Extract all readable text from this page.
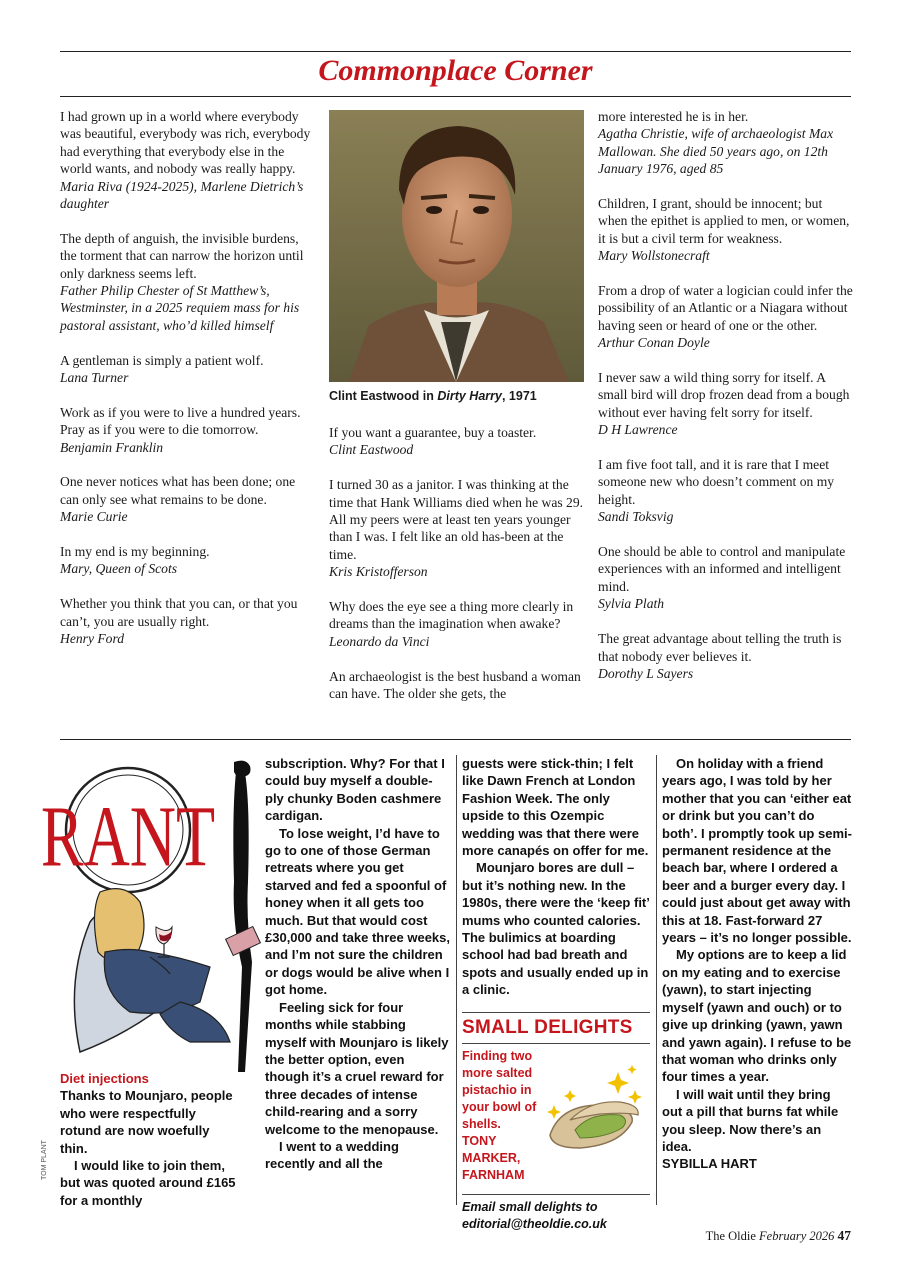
Commonplace Corner

I had grown up in a world where everybody was beautiful, everybody was rich, everybody had everything that everybody else in the world wants, and nobody was really happy.
Maria Riva (1924-2025), Marlene Dietrich’s daughter

The depth of anguish, the invisible burdens, the torment that can narrow the horizon until only darkness seems left.
Father Philip Chester of St Matthew’s, Westminster, in a 2025 requiem mass for his pastoral assistant, who’d killed himself

A gentleman is simply a patient wolf.
Lana Turner

Work as if you were to live a hundred years. Pray as if you were to die tomorrow.
Benjamin Franklin

One never notices what has been done; one can only see what remains to be done.
Marie Curie

In my end is my beginning.
Mary, Queen of Scots

Whether you think that you can, or that you can’t, you are usually right.
Henry Ford

Clint Eastwood in Dirty Harry, 1971

If you want a guarantee, buy a toaster.
Clint Eastwood

I turned 30 as a janitor. I was thinking at the time that Hank Williams died when he was 29. All my peers were at least ten years younger than I was. I felt like an old has-been at the time.
Kris Kristofferson

Why does the eye see a thing more clearly in dreams than the imagination when awake?
Leonardo da Vinci

An archaeologist is the best husband a woman can have. The older she gets, the

more interested he is in her.
Agatha Christie, wife of archaeologist Max Mallowan. She died 50 years ago, on 12th January 1976, aged 85

Children, I grant, should be innocent; but when the epithet is applied to men, or women, it is but a civil term for weakness.
Mary Wollstonecraft

From a drop of water a logician could infer the possibility of an Atlantic or a Niagara without having seen or heard of one or the other.
Arthur Conan Doyle

I never saw a wild thing sorry for itself. A small bird will drop frozen dead from a bough without ever having felt sorry for itself.
D H Lawrence

I am five foot tall, and it is rare that I meet someone new who doesn’t comment on my height.
Sandi Toksvig

One should be able to control and manipulate experiences with an informed and intelligent mind.
Sylvia Plath

The great advantage about telling the truth is that nobody ever believes it.
Dorothy L Sayers

RANT
TOM PLANT
Diet injections

Thanks to Mounjaro, people who were respectfully rotund are now woefully thin.

I would like to join them, but was quoted around £165 for a monthly

subscription. Why? For that I could buy myself a double-ply chunky Boden cashmere cardigan.

To lose weight, I’d have to go to one of those German retreats where you get starved and fed a spoonful of honey when it all gets too much. But that would cost £30,000 and take three weeks, and I’m not sure the children or dogs would be alive when I got home.

Feeling sick for four months while stabbing myself with Mounjaro is likely the better option, even though it’s a cruel reward for three decades of intense child-rearing and a sorry welcome to the menopause.

I went to a wedding recently and all the

guests were stick-thin; I felt like Dawn French at London Fashion Week. The only upside to this Ozempic wedding was that there were more canapés on offer for me.

Mounjaro bores are dull – but it’s nothing new. In the 1980s, there were the ‘keep fit’ mums who counted calories. The bulimics at boarding school had bad breath and spots and usually ended up in a clinic.

On holiday with a friend years ago, I was told by her mother that you can ‘either eat or drink but you can’t do both’. I promptly took up semi-permanent residence at the beach bar, where I ordered a beer and a burger every day. I could just about get away with this at 18. Fast-forward 27 years – it’s no longer possible.

My options are to keep a lid on my eating and to exercise (yawn), to start injecting myself (yawn and ouch) or to give up drinking (yawn, yawn and yawn again). I refuse to be that woman who drinks only four times a year.

I will wait until they bring out a pill that burns fat while you sleep. Now there’s an idea.

SYBILLA HART
SMALL DELIGHTS
Finding two more salted pistachio in your bowl of shells.
TONY MARKER, FARNHAM
Email small delights to editorial@theoldie.co.uk
The Oldie February 2026 47
